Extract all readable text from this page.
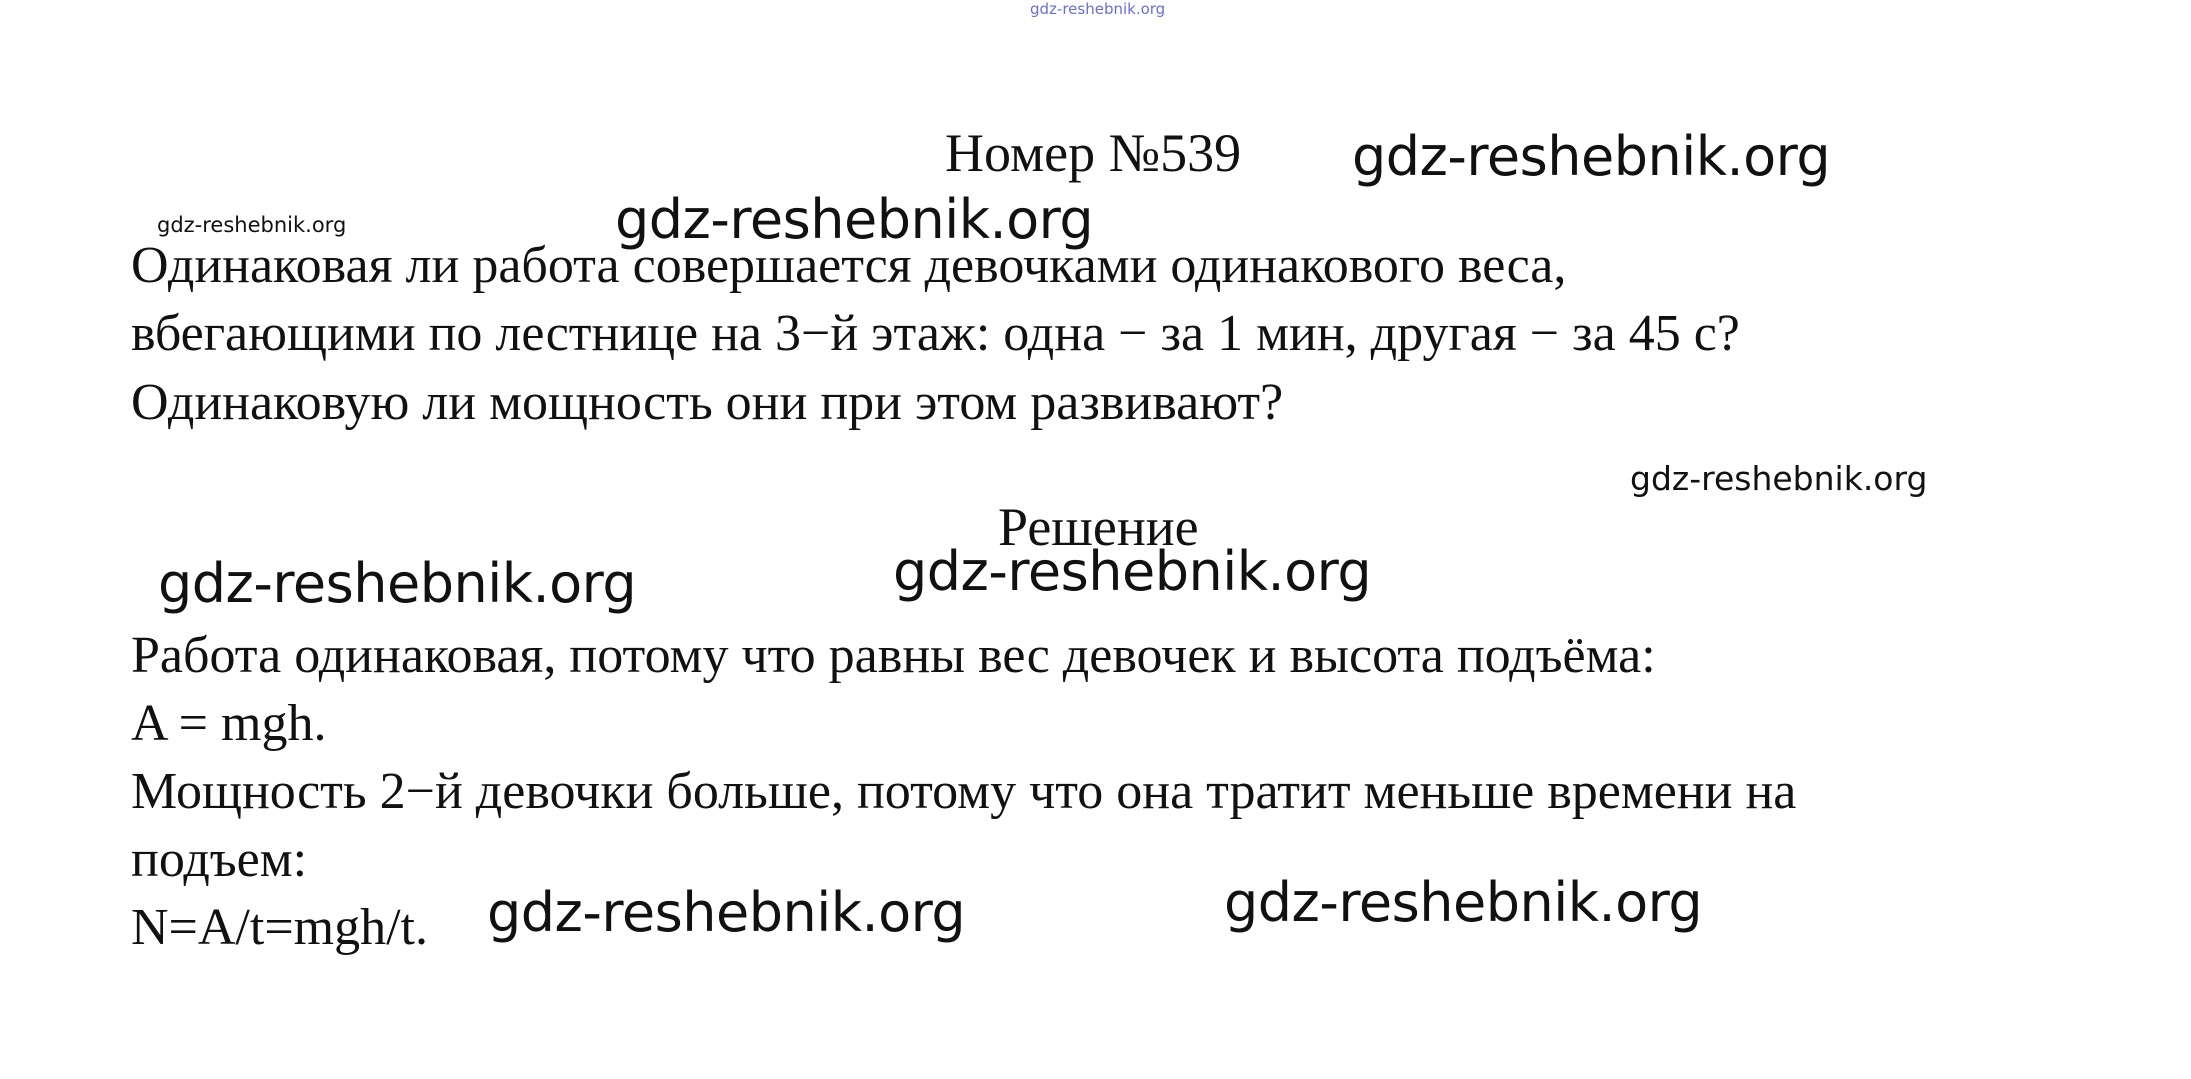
gdz-reshebnik.org
Номер №539 gdz-reshebnik.org
gdz-reshebnik.org	gdz-reshebnik.org
Одинаковая ли работа совершается девочками одинакового веса,
вбегающими по лестнице на 3−й этаж: одна − за 1 мин, другая − за 45 с?
Одинаковую ли мощность они при этом развивают?
gdz-reshebnik.org
Решение
gdz-reshebnik.org	gdz-reshebnik.org
Работа одинаковая, потому что равны вес девочек и высота подъёма:
A = mgh.
Мощность 2−й девочки больше, потому что она тратит меньше времени на
подъем:
N=A/t=mgh/t. gdz-reshebnik.org	gdz-reshebnik.org
